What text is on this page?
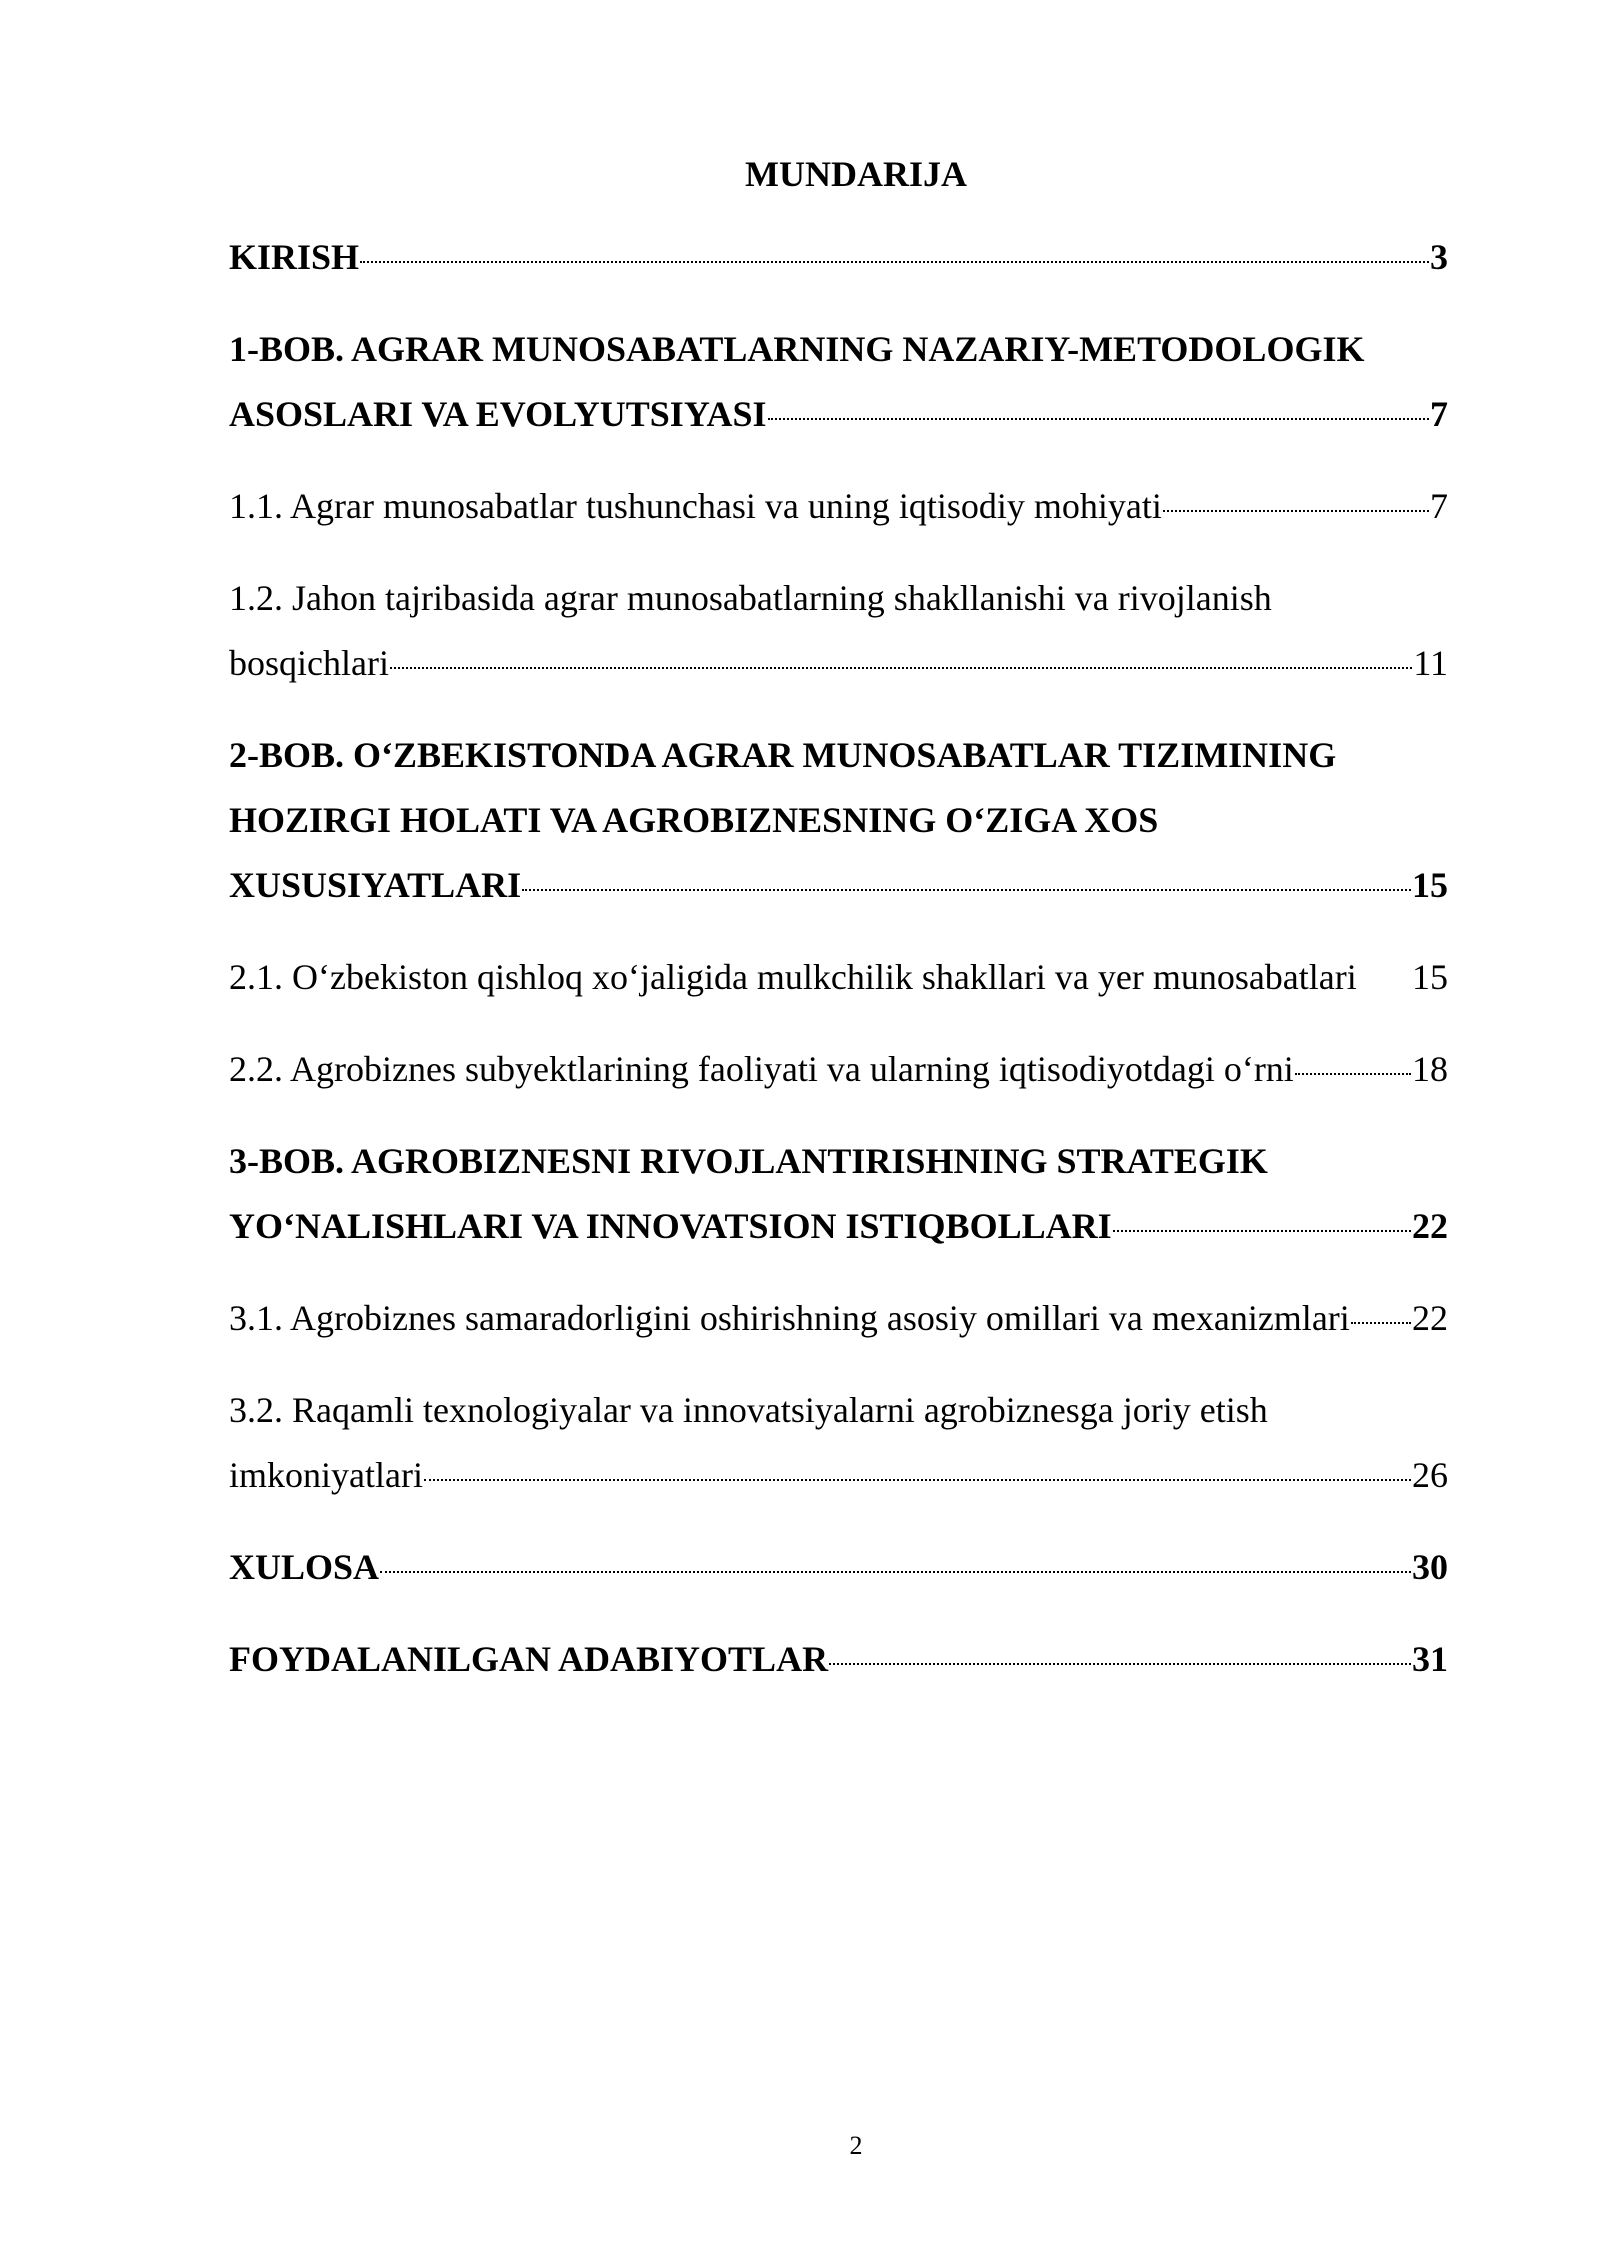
MUNDARIJA
KIRISH	3
1-BOB. AGRAR MUNOSABATLARNING NAZARIY-METODOLOGIK
ASOSLARI VA EVOLYUTSIYASI	7
1.1. Agrar munosabatlar tushunchasi va uning iqtisodiy mohiyati	7
1.2. Jahon tajribasida agrar munosabatlarning shakllanishi va rivojlanish
bosqichlari	11
2-BOB. O‘ZBEKISTONDA AGRAR MUNOSABATLAR TIZIMINING
HOZIRGI HOLATI VA AGROBIZNESNING O‘ZIGA XOS
XUSUSIYATLARI	15
2.1. O‘zbekiston qishloq xo‘jaligida mulkchilik shakllari va yer munosabatlari 15
2.2. Agrobiznes subyektlarining faoliyati va ularning iqtisodiyotdagi o‘rni	18
3-BOB. AGROBIZNESNI RIVOJLANTIRISHNING STRATEGIK
YO‘NALISHLARI VA INNOVATSION ISTIQBOLLARI	22
3.1. Agrobiznes samaradorligini oshirishning asosiy omillari va mexanizmlari 22
3.2. Raqamli texnologiyalar va innovatsiyalarni agrobiznesga joriy etish
imkoniyatlari	26
XULOSA	30
FOYDALANILGAN ADABIYOTLAR	31
2
